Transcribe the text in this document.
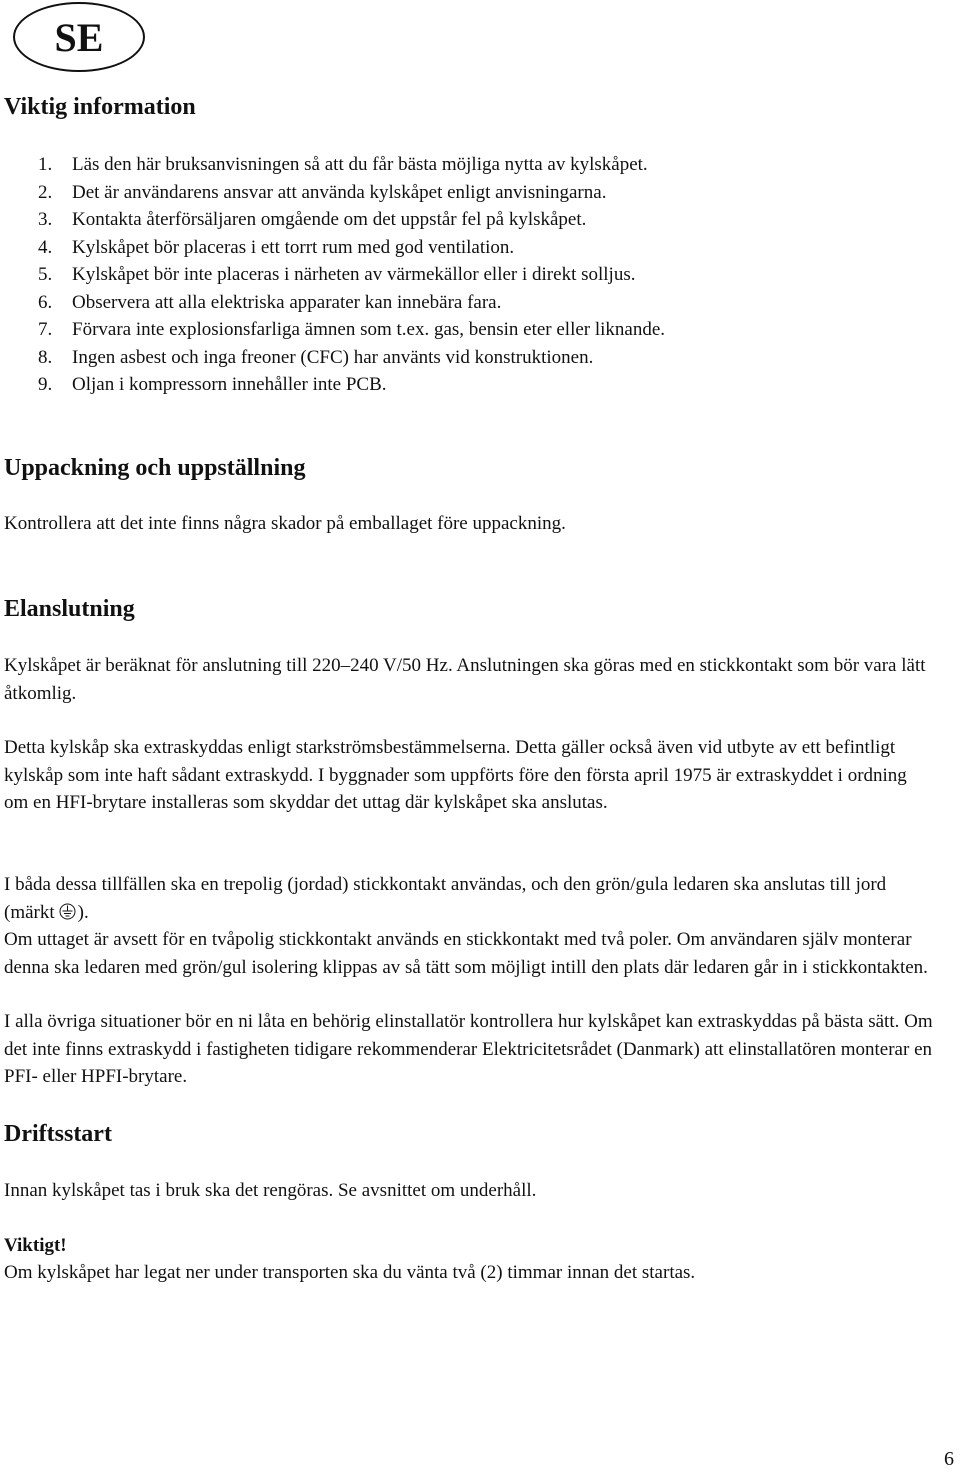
SE
Viktig information
1.	Läs den här bruksanvisningen så att du får bästa möjliga nytta av kylskåpet.
2.	Det är användarens ansvar att använda kylskåpet enligt anvisningarna.
3.	Kontakta återförsäljaren omgående om det uppstår fel på kylskåpet.
4.	Kylskåpet bör placeras i ett torrt rum med god ventilation.
5.	Kylskåpet bör inte placeras i närheten av värmekällor eller i direkt solljus.
6.	Observera att alla elektriska apparater kan innebära fara.
7.	Förvara inte explosionsfarliga ämnen som t.ex. gas, bensin eter eller liknande.
8.	Ingen asbest och inga freoner (CFC) har använts vid konstruktionen.
9.	Oljan i kompressorn innehåller inte PCB.
Uppackning och uppställning

Kontrollera att det inte finns några skador på emballaget före uppackning.

Elanslutning

Kylskåpet är beräknat för anslutning till 220–240 V/50 Hz. Anslutningen ska göras med en stickkontakt som bör vara lätt åtkomlig.

Detta kylskåp ska extraskyddas enligt starkströmsbestämmelserna. Detta gäller också även vid utbyte av ett befintligt kylskåp som inte haft sådant extraskydd. I byggnader som uppförts före den första april 1975 är extraskyddet i ordning om en HFI-brytare installeras som skyddar det uttag där kylskåpet ska anslutas.

I båda dessa tillfällen ska en trepolig (jordad) stickkontakt användas, och den grön/gula ledaren ska anslutas till jord (märkt ).

Om uttaget är avsett för en tvåpolig stickkontakt används en stickkontakt med två poler. Om användaren själv monterar denna ska ledaren med grön/gul isolering klippas av så tätt som möjligt intill den plats där ledaren går in i stickkontakten.

I alla övriga situationer bör en ni låta en behörig elinstallatör kontrollera hur kylskåpet kan extraskyddas på bästa sätt. Om det inte finns extraskydd i fastigheten tidigare rekommenderar Elektricitetsrådet (Danmark) att elinstallatören monterar en PFI- eller HPFI-brytare.

Driftsstart

Innan kylskåpet tas i bruk ska det rengöras. Se avsnittet om underhåll.

Viktigt!

Om kylskåpet har legat ner under transporten ska du vänta två (2) timmar innan det startas.

6
